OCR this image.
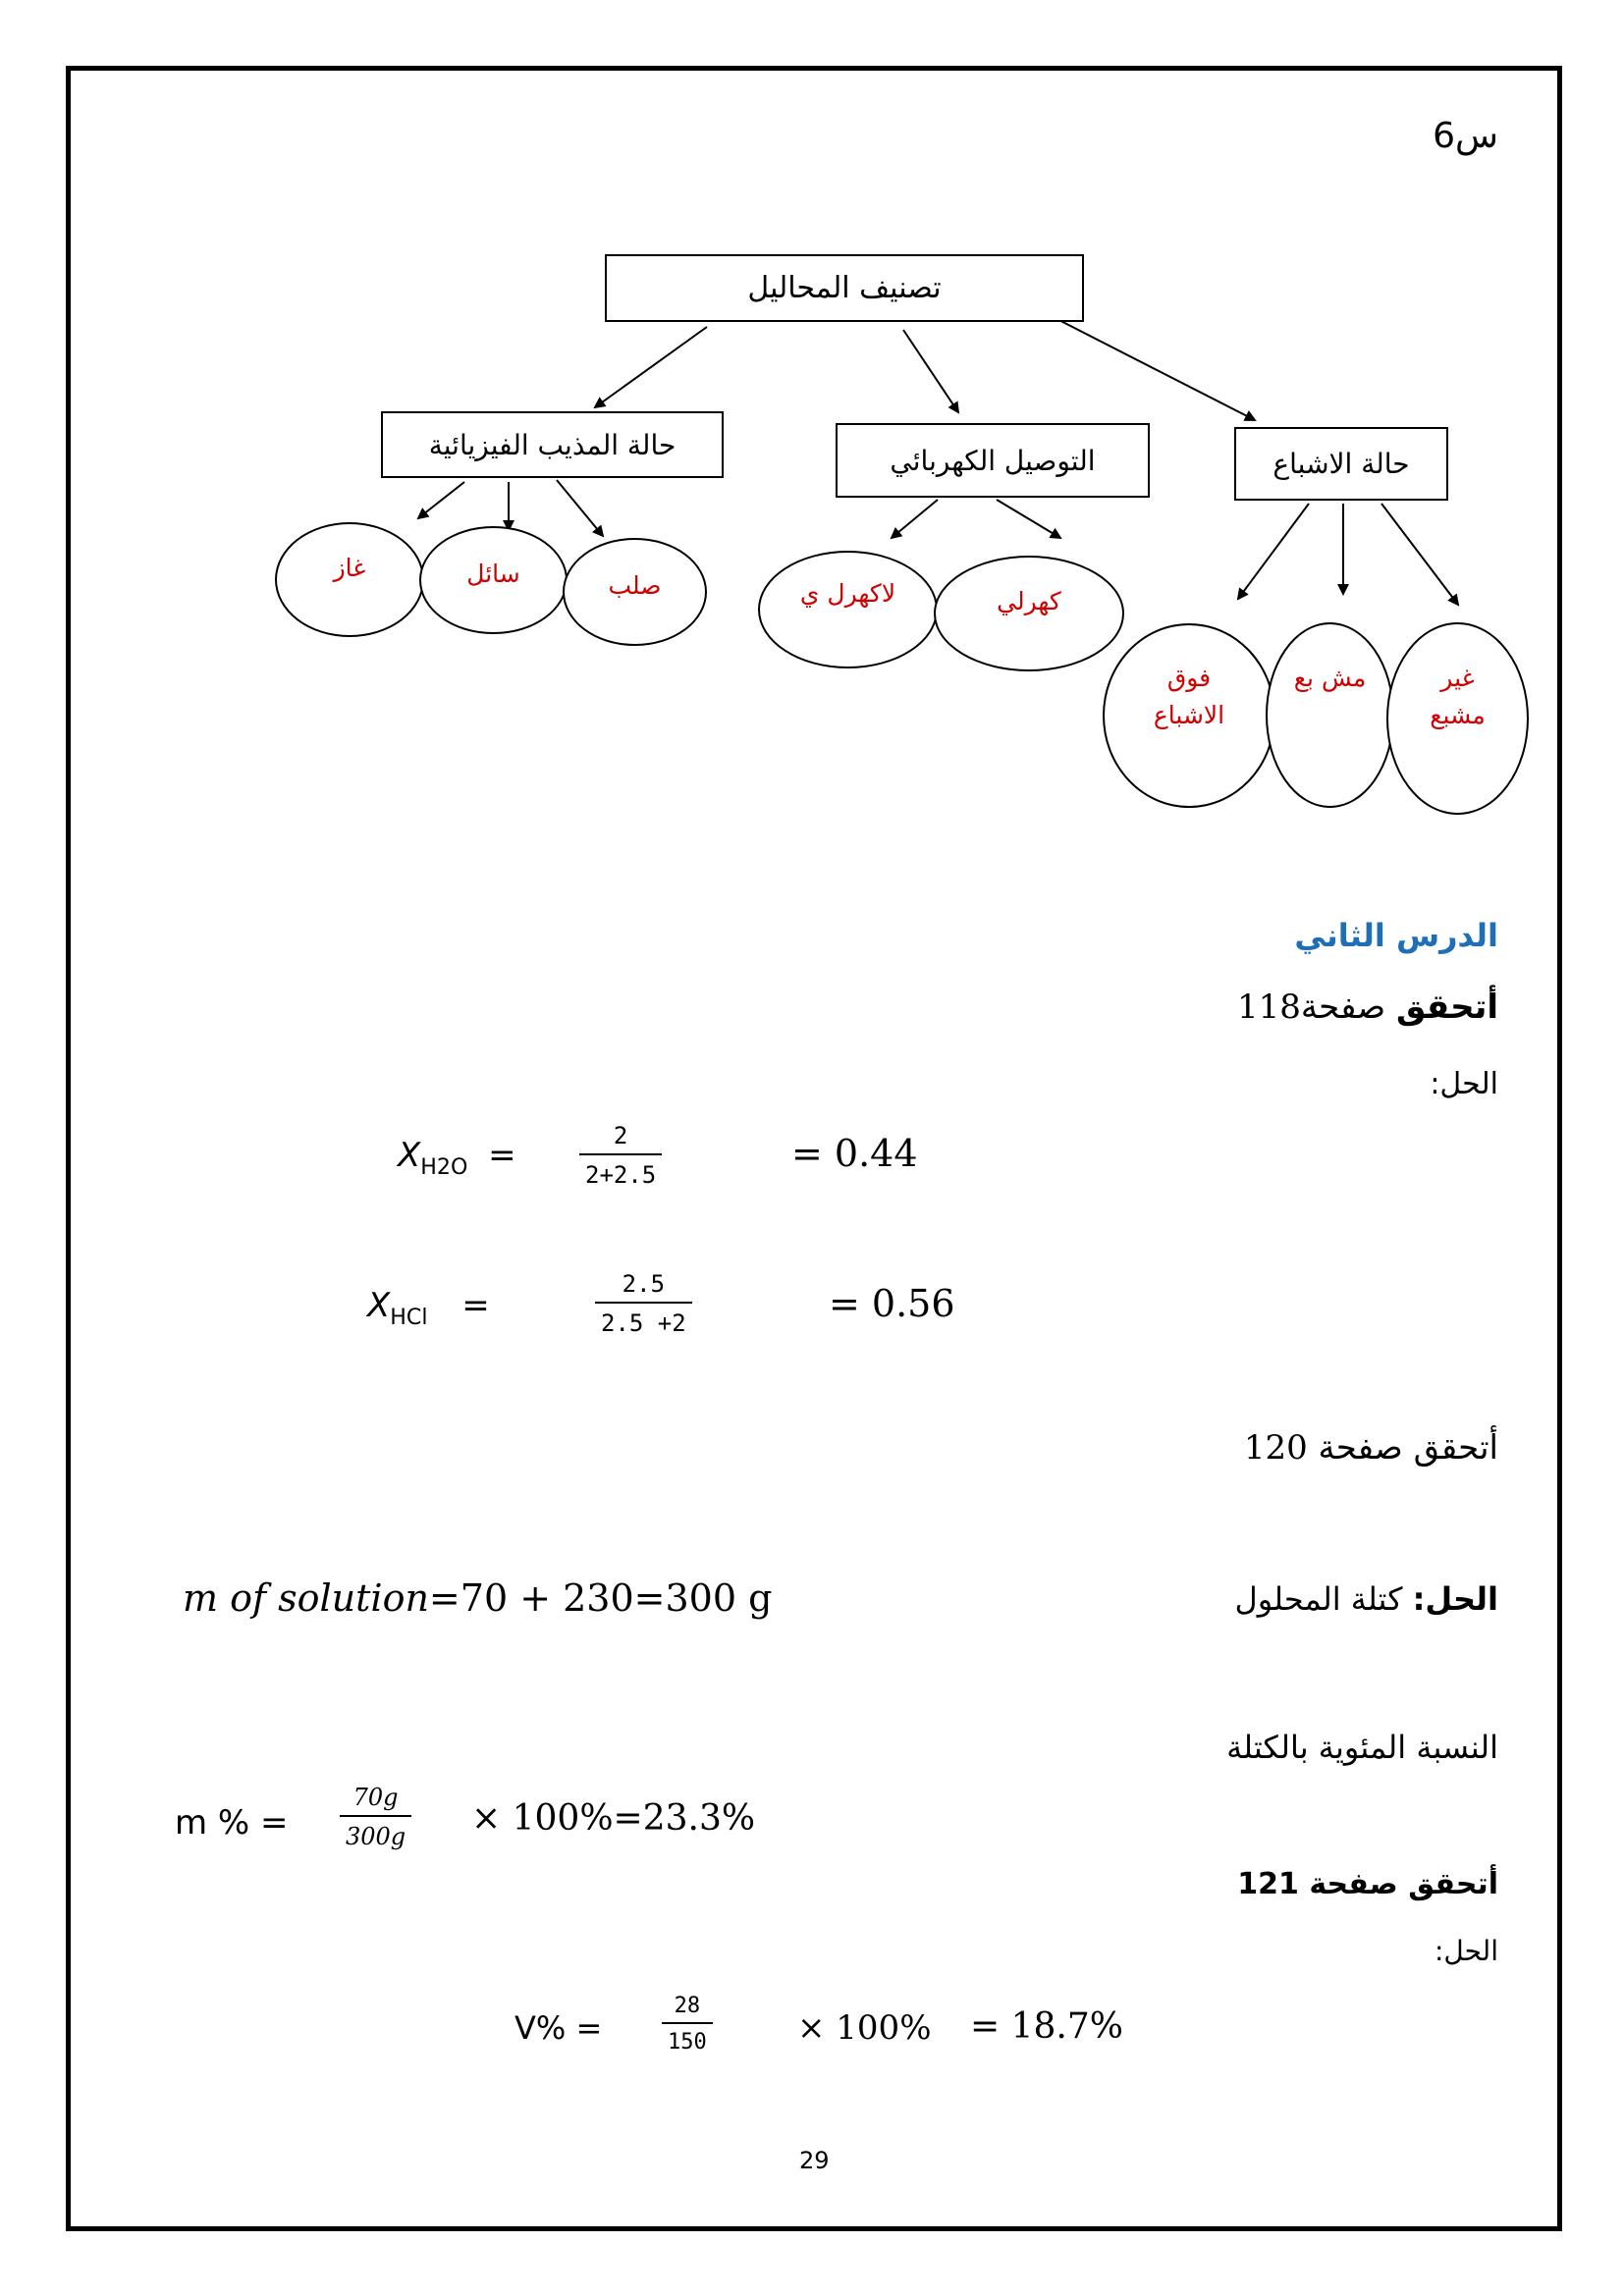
س6
تصنيف المحاليل
حالة المذيب الفيزيائية	التوصيل الكهربائي	حالة الاشباع
غاز	سائل	صلب	لاكهرل ي	كهرلي
فوق الاشباع
مش بع	غير مشبع
الدرس الثاني
أتحقق صفحة118
الحل:
$X_{H2O}$ =	$\frac{2}{2+2.5}$	= 0.44
$X_{HCl}$ =	$\frac{2.5}{2.5 +2}$	= 0.56
أتحقق صفحة 120
الحل: كتلة المحلول
m of solution=70 + 230=300 g
النسبة المئوية بالكتلة
m % = $\frac{70g}{300g} \times 100\%=23.3\%$
أتحقق صفحة 121
الحل:
V% =	$\frac{28}{150}$	× 100% = 18.7%
29
